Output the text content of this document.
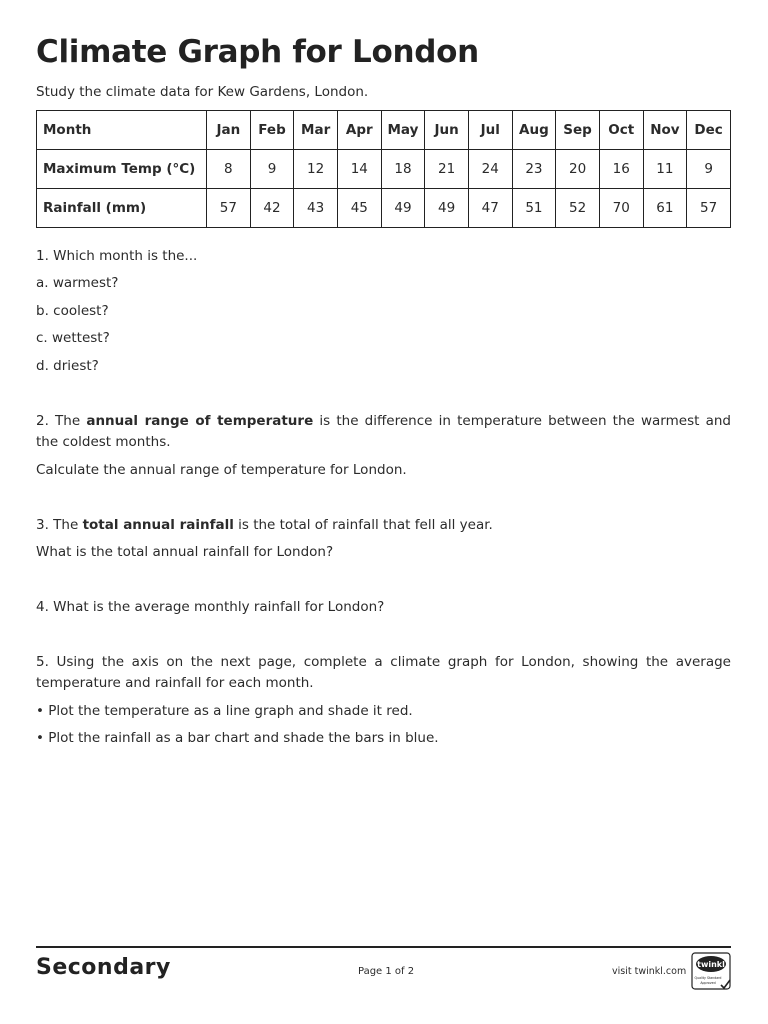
Climate Graph for London
Study the climate data for Kew Gardens, London.
Month	Jan	Feb	Mar	Apr	May	Jun	Jul	Aug	Sep	Oct	Nov	Dec
Maximum Temp (°C)	8	9	12	14	18	21	24	23	20	16	11	9
Rainfall (mm)	57	42	43	45	49	49	47	51	52	70	61	57

1. Which month is the...

a. warmest?

b. coolest?

c. wettest?

d. driest?

2. The annual range of temperature is the difference in temperature between the warmest and the coldest months.

Calculate the annual range of temperature for London.

3. The total annual rainfall is the total of rainfall that fell all year.

What is the total annual rainfall for London?

4. What is the average monthly rainfall for London?

5. Using the axis on the next page, complete a climate graph for London, showing the average temperature and rainfall for each month.

• Plot the temperature as a line graph and shade it red.

• Plot the rainfall as a bar chart and shade the bars in blue.

Secondary	Page 1 of 2	visit twinkl.com
twinkl
Quality Standard
Approved
